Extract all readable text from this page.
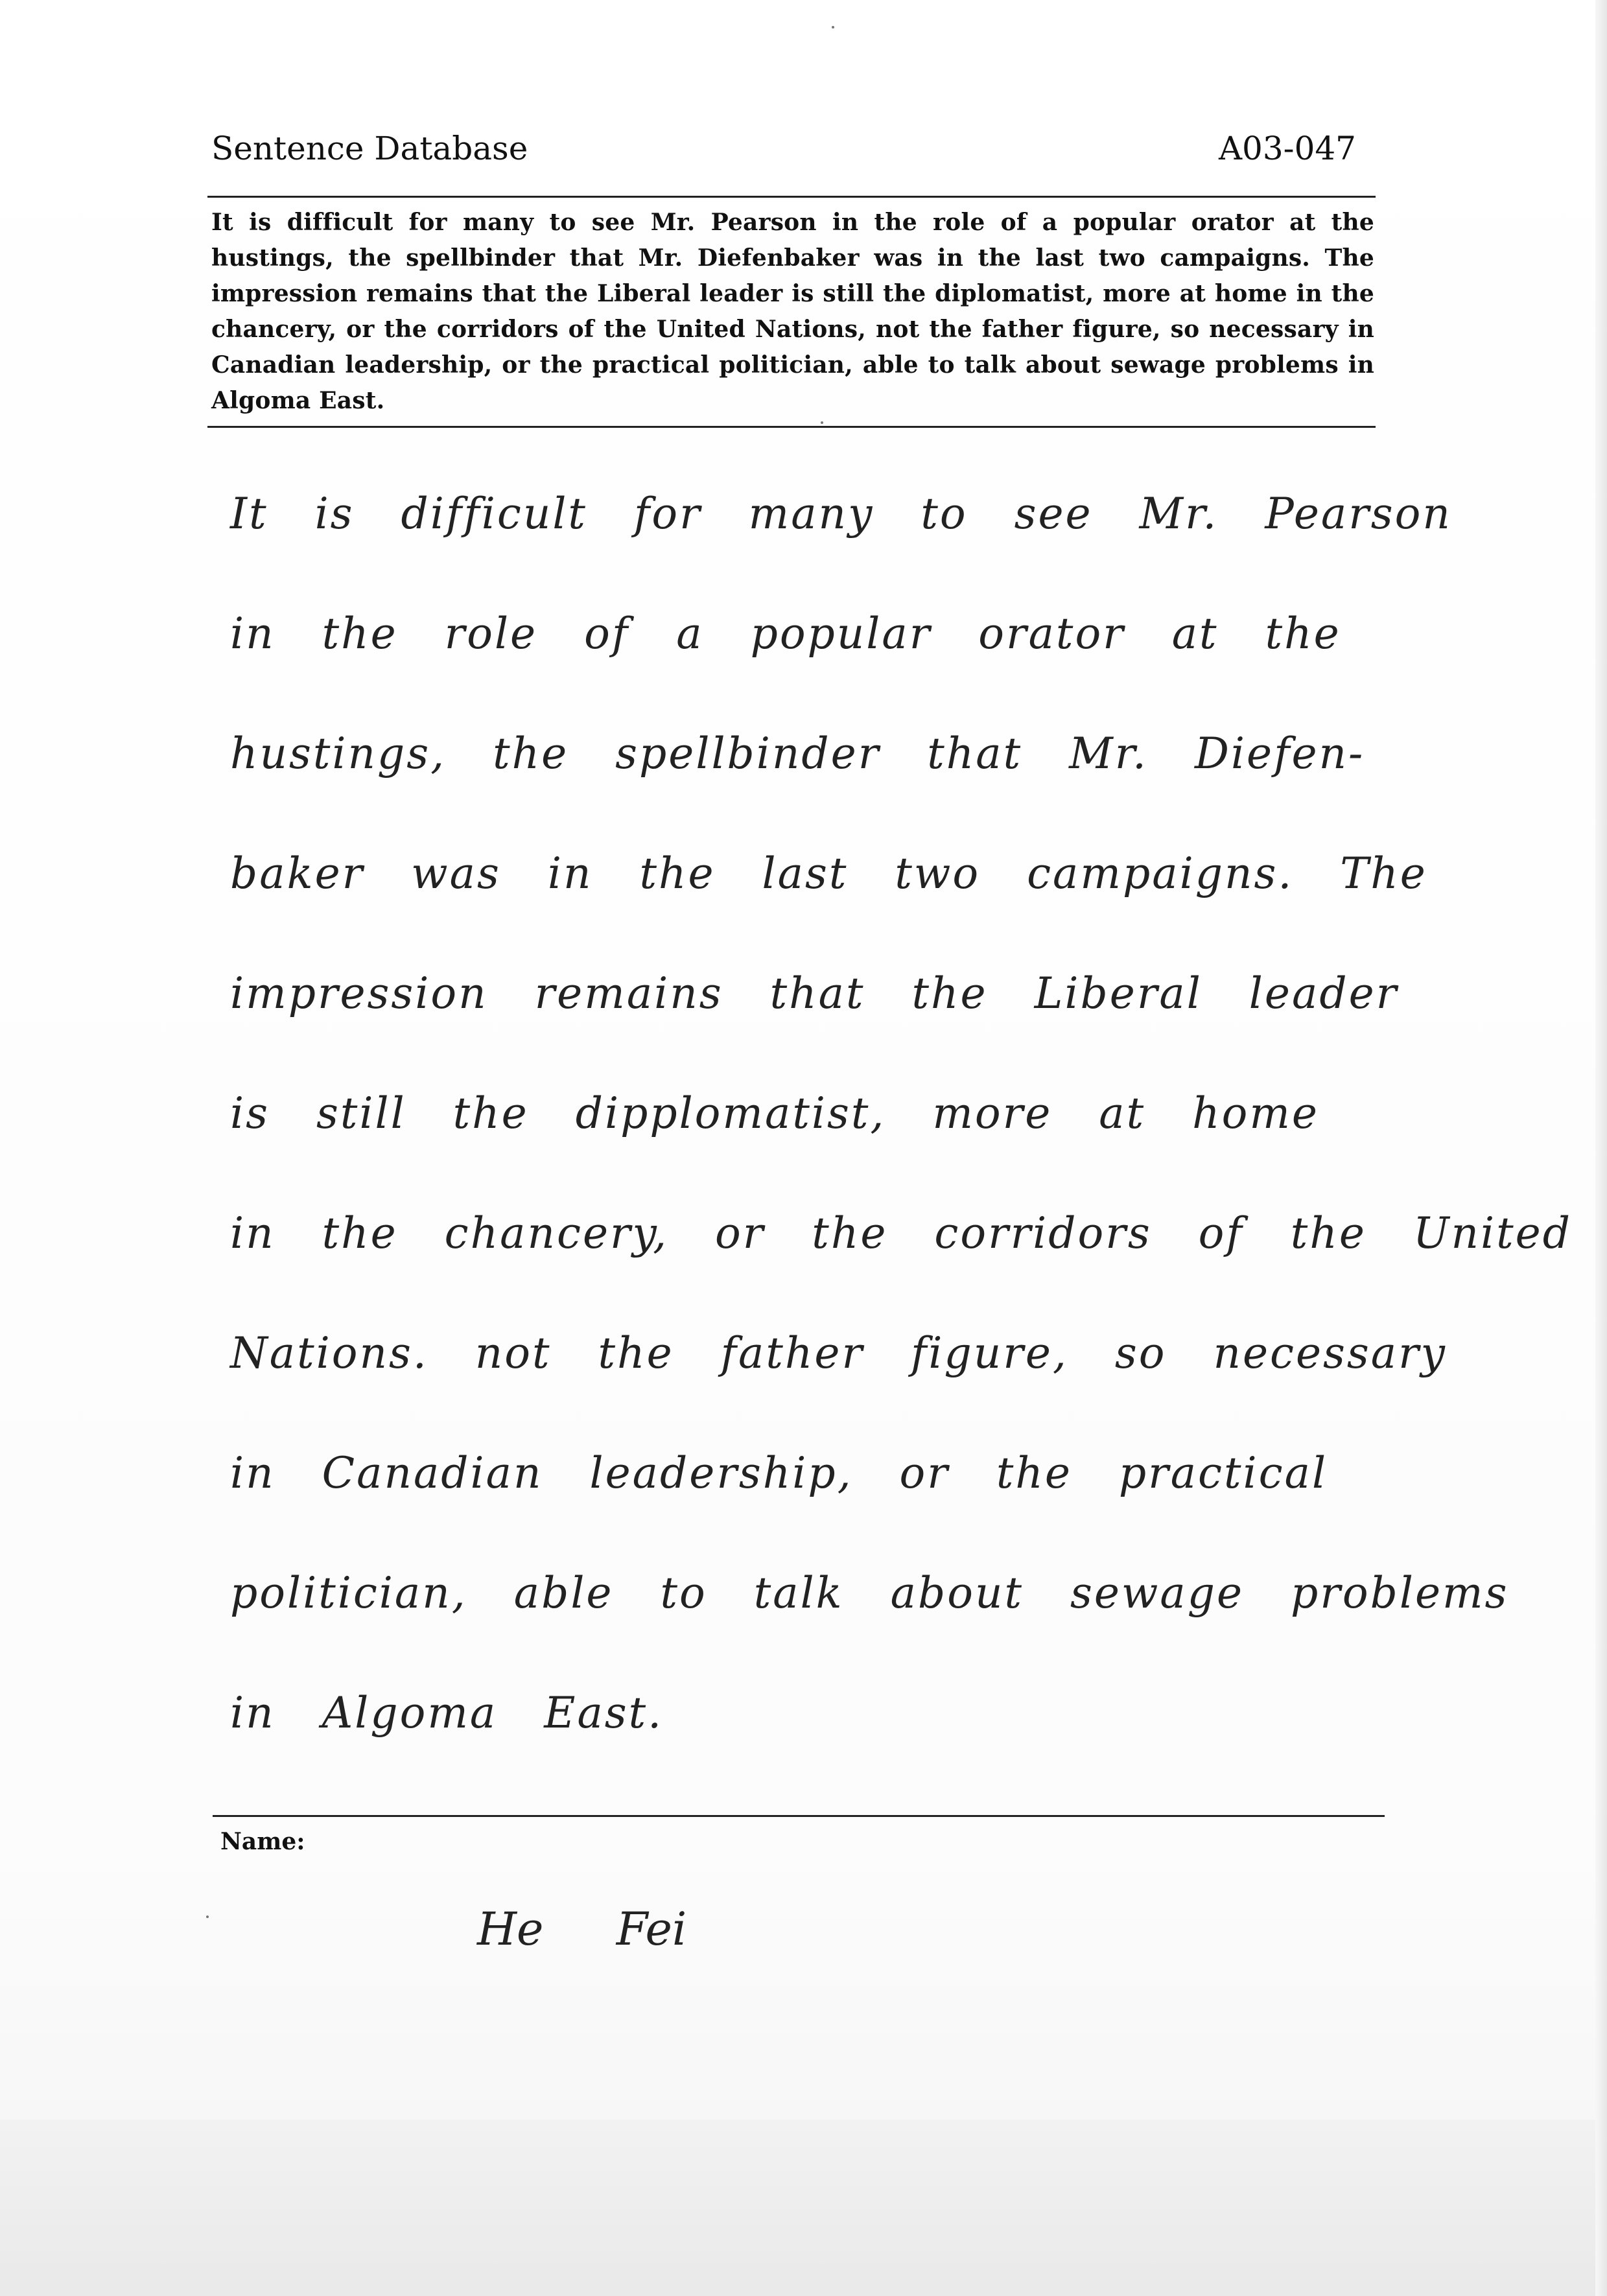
Sentence Database	A03-047
It is difficult for many to see Mr. Pearson in the role of a popular orator at the hustings, the spellbinder that Mr. Diefenbaker was in the last two campaigns. The impression remains that the Liberal leader is still the diplomatist, more at home in the chancery, or the corridors of the United Nations, not the father figure, so necessary in Canadian leadership, or the practical politician, able to talk about sewage problems in Algoma East.
It is difficult for many to see Mr. Pearson
in the role of a popular orator at the
hustings, the spellbinder that Mr. Diefen-
baker was in the last two campaigns. The
impression remains that the Liberal leader
is still the dipplomatist, more at home
in the chancery, or the corridors of the United
Nations. not the father figure, so necessary
in Canadian leadership, or the practical
politician, able to talk about sewage problems
in Algoma East.
Name:
He Fei
